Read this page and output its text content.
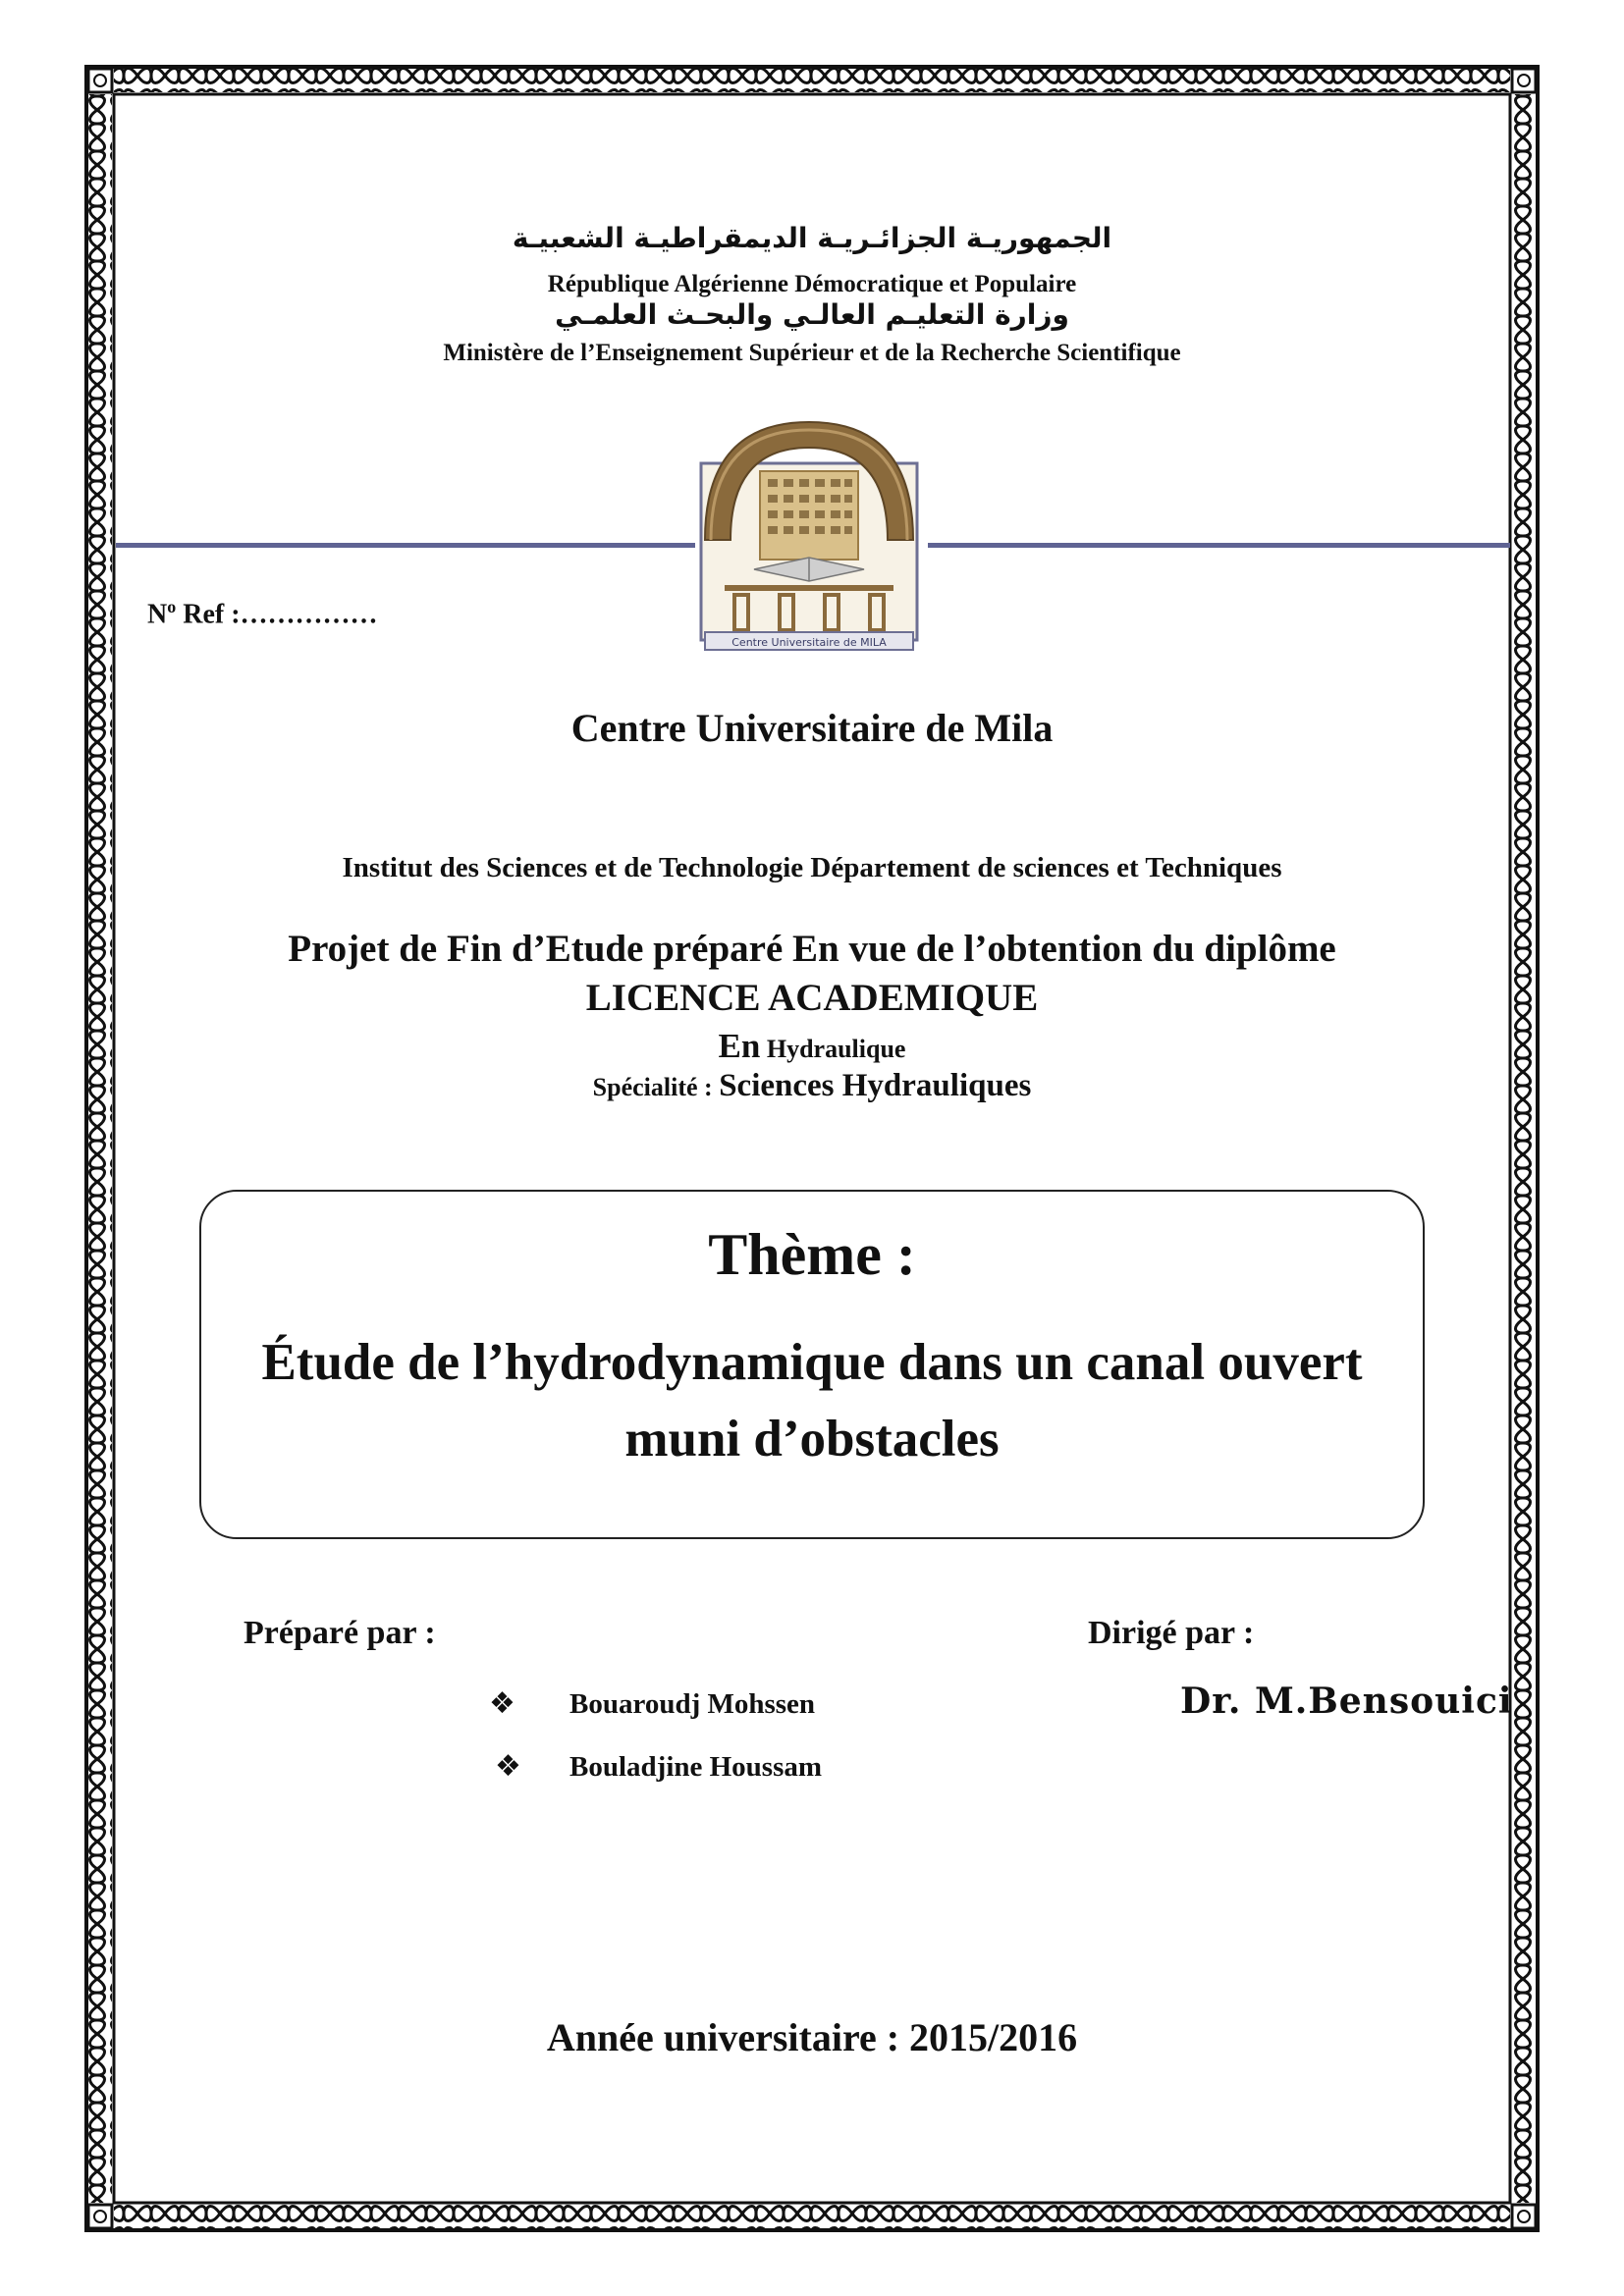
الجمهوريـة الجزائـريـة الديمقراطيـة الشعبيـة
République Algérienne Démocratique et Populaire
وزارة التعليـم العالـي والبحـث العلمـي
Ministère de l’Enseignement Supérieur et de la Recherche Scientifique
Centre Universitaire de MILA
$N^o$ Ref :……………
Centre Universitaire de Mila
Institut des Sciences et de Technologie Département de sciences et Techniques
Projet de Fin d’Etude préparé En vue de l’obtention du diplôme
LICENCE ACADEMIQUE
En Hydraulique
Spécialité : Sciences Hydrauliques
Thème :
Étude de l’hydrodynamique dans un canal ouvert
muni d’obstacles
Préparé par :	Dirigé par :
❖ Bouaroudj Mohssen
❖ Bouladjine Houssam
Dr. M.Bensouici
Année universitaire : 2015/2016
